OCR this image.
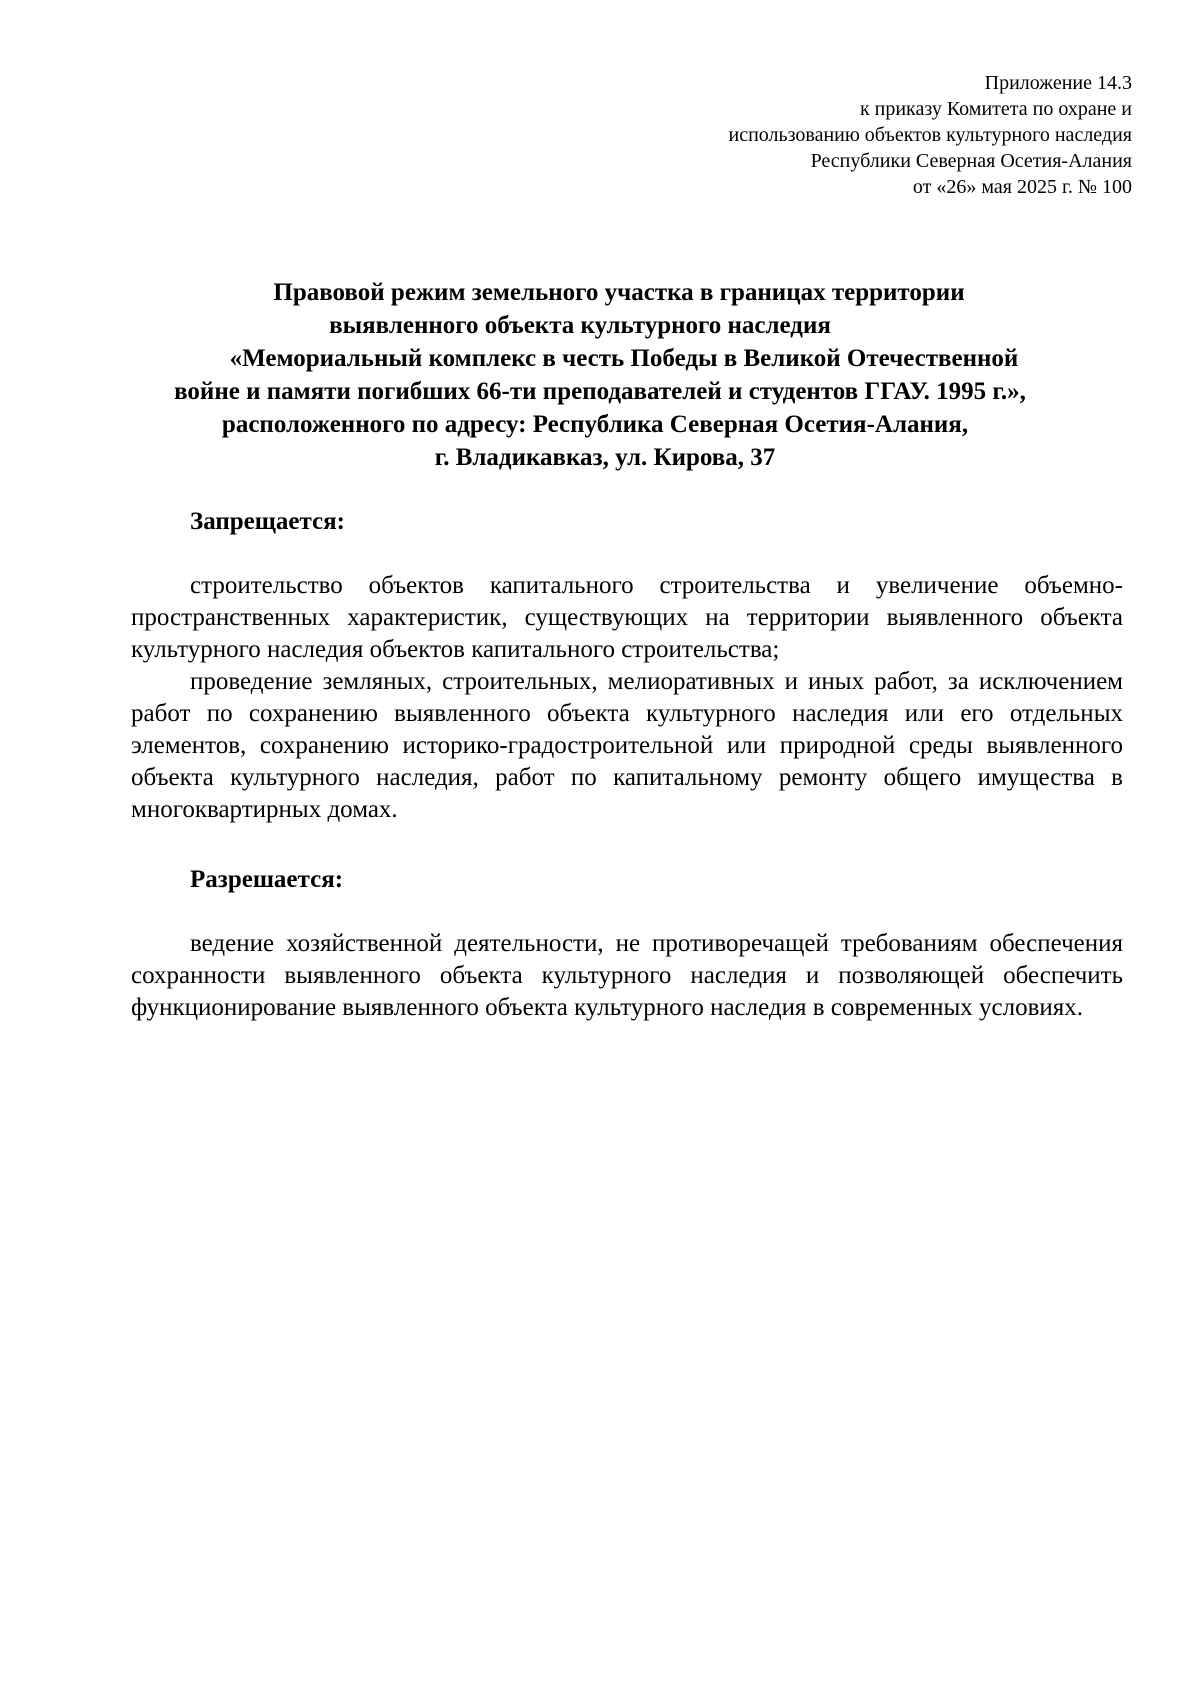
Приложение 14.3
к приказу Комитета по охране и
использованию объектов культурного наследия
Республики Северная Осетия-Алания
от «26» мая 2025 г. № 100
Правовой режим земельного участка в границах территории
выявленного объекта культурного наследия
«Мемориальный комплекс в честь Победы в Великой Отечественной
войне и памяти погибших 66-ти преподавателей и студентов ГГАУ. 1995 г.»,
расположенного по адресу: Республика Северная Осетия-Алания,
г. Владикавказ, ул. Кирова, 37
Запрещается:

строительство объектов капитального строительства и увеличение объемно-пространственных характеристик, существующих на территории выявленного объекта культурного наследия объектов капитального строительства;

проведение земляных, строительных, мелиоративных и иных работ, за исключением работ по сохранению выявленного объекта культурного наследия или его отдельных элементов, сохранению историко-градостроительной или природной среды выявленного объекта культурного наследия, работ по капитальному ремонту общего имущества в многоквартирных домах.

Разрешается:

ведение хозяйственной деятельности, не противоречащей требованиям обеспечения сохранности выявленного объекта культурного наследия и позволяющей обеспечить функционирование выявленного объекта культурного наследия в современных условиях.
